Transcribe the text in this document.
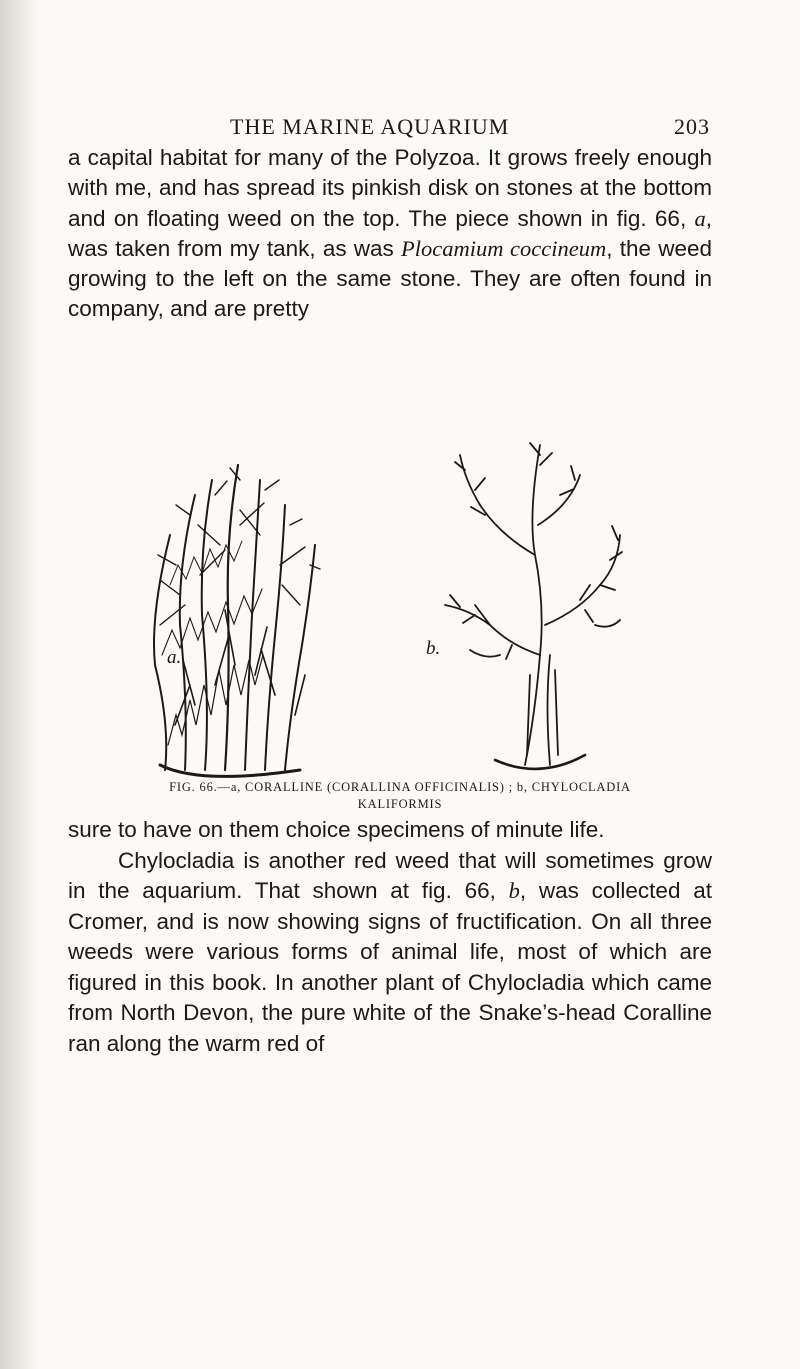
THE MARINE AQUARIUM	203

a capital habitat for many of the Polyzoa. It grows freely enough with me, and has spread its pinkish disk on stones at the bottom and on floating weed on the top. The piece shown in fig. 66, a, was taken from my tank, as was Plocamium coccineum, the weed growing to the left on the same stone. They are often found in company, and are pretty

a.	b.
FIG. 66.—a, CORALLINE (CORALLINA OFFICINALIS) ; b, CHYLOCLADIA
KALIFORMIS

sure to have on them choice specimens of minute life.

Chylocladia is another red weed that will sometimes grow in the aquarium. That shown at fig. 66, b, was collected at Cromer, and is now showing signs of fructification. On all three weeds were various forms of animal life, most of which are figured in this book. In another plant of Chylocladia which came from North Devon, the pure white of the Snake’s-head Coralline ran along the warm red of
